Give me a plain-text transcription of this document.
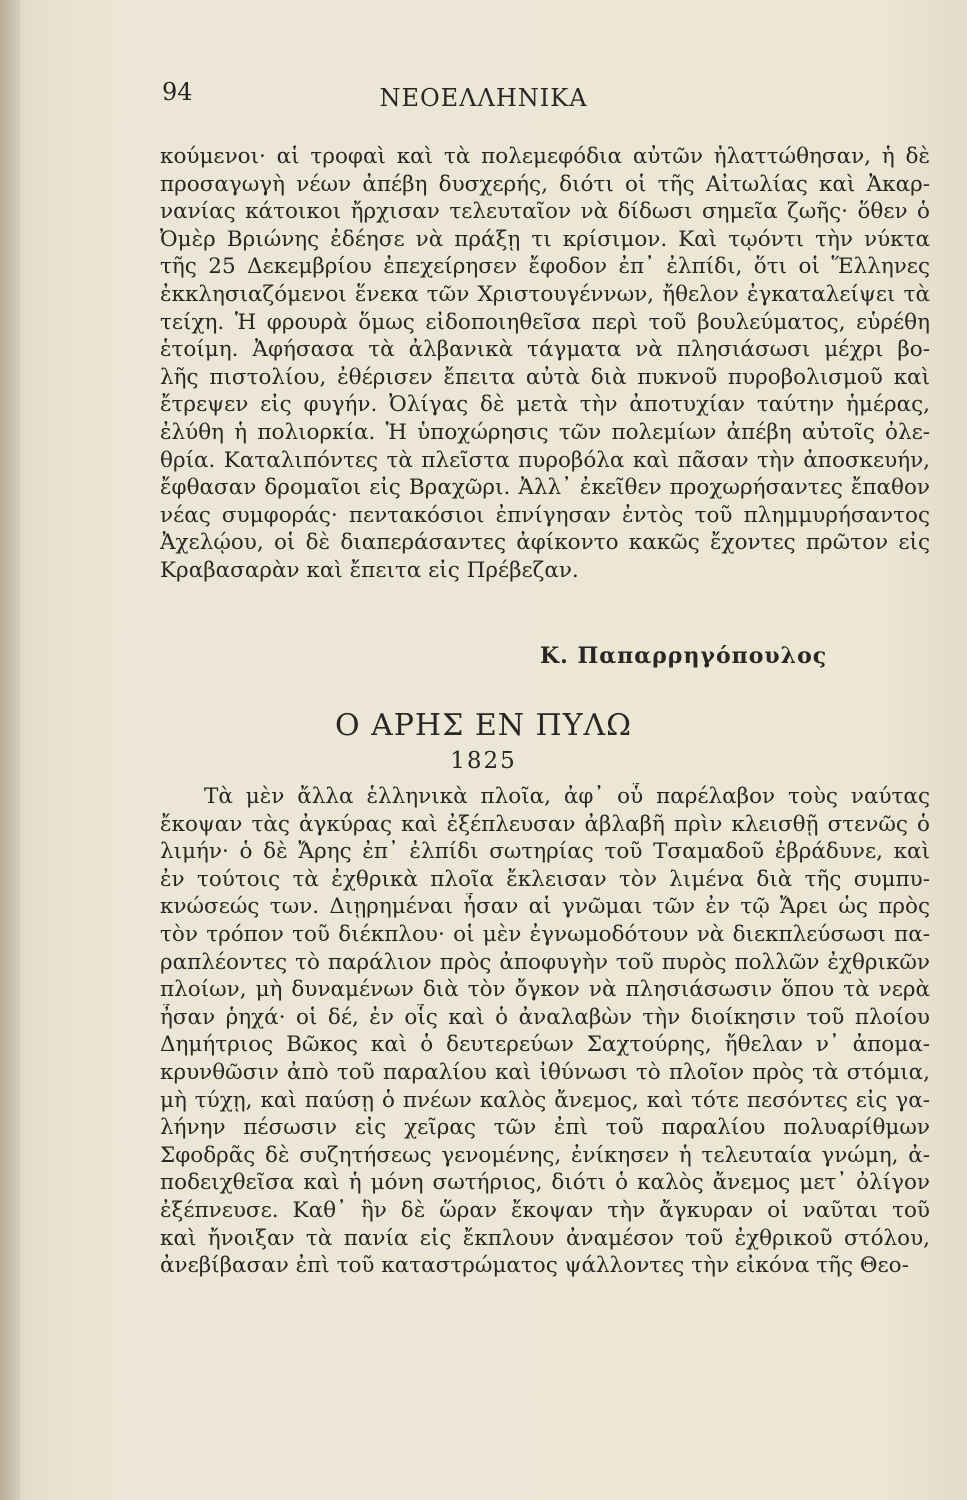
94	ΝΕΟΕΛΛΗΝΙΚΑ
κούμενοι· αἱ τροφαὶ καὶ τὰ πολεμεφόδια αὐτῶν ἠλαττώθησαν, ἡ δὲ
προσαγωγὴ νέων ἀπέβη δυσχερής, διότι οἱ τῆς Αἰτωλίας καὶ Ἀκαρ-
νανίας κάτοικοι ἤρχισαν τελευταῖον νὰ δίδωσι σημεῖα ζωῆς· ὅθεν ὁ
Ὀμὲρ Βριώνης ἐδέησε νὰ πράξῃ τι κρίσιμον. Καὶ τῳόντι τὴν νύκτα
τῆς 25 Δεκεμβρίου ἐπεχείρησεν ἔφοδον ἐπ᾽ ἐλπίδι, ὅτι οἱ Ἕλληνες
ἐκκλησιαζόμενοι ἕνεκα τῶν Χριστουγέννων, ἤθελον ἐγκαταλείψει τὰ
τείχη. Ἡ φρουρὰ ὅμως εἰδοποιηθεῖσα περὶ τοῦ βουλεύματος, εὑρέθη
ἑτοίμη. Ἀφήσασα τὰ ἀλβανικὰ τάγματα νὰ πλησιάσωσι μέχρι βο-
λῆς πιστολίου, ἐθέρισεν ἔπειτα αὐτὰ διὰ πυκνοῦ πυροβολισμοῦ καὶ
ἔτρεψεν εἰς φυγήν. Ὀλίγας δὲ μετὰ τὴν ἀποτυχίαν ταύτην ἡμέρας,
ἐλύθη ἡ πολιορκία. Ἡ ὑποχώρησις τῶν πολεμίων ἀπέβη αὐτοῖς ὀλε-
θρία. Καταλιπόντες τὰ πλεῖστα πυροβόλα καὶ πᾶσαν τὴν ἀποσκευήν,
ἔφθασαν δρομαῖοι εἰς Βραχῶρι. Ἀλλ᾽ ἐκεῖθεν προχωρήσαντες ἔπαθον
νέας συμφοράς· πεντακόσιοι ἐπνίγησαν ἐντὸς τοῦ πλημμυρήσαντος
Ἀχελῴου, οἱ δὲ διαπεράσαντες ἀφίκοντο κακῶς ἔχοντες πρῶτον εἰς
Κραβασαρὰν καὶ ἔπειτα εἰς Πρέβεζαν.
Κ. Παπαρρηγόπουλος
Ο ΑΡΗΣ ΕΝ ΠΥΛΩ
1825
Τὰ μὲν ἄλλα ἑλληνικὰ πλοῖα, ἀφ᾽ οὗ παρέλαβον τοὺς ναύτας
ἔκοψαν τὰς ἀγκύρας καὶ ἐξέπλευσαν ἀβλαβῆ πρὶν κλεισθῇ στενῶς ὁ
λιμήν· ὁ δὲ Ἄρης ἐπ᾽ ἐλπίδι σωτηρίας τοῦ Τσαμαδοῦ ἐβράδυνε, καὶ
ἐν τούτοις τὰ ἐχθρικὰ πλοῖα ἔκλεισαν τὸν λιμένα διὰ τῆς συμπυ-
κνώσεώς των. Διῃρημέναι ἦσαν αἱ γνῶμαι τῶν ἐν τῷ Ἄρει ὡς πρὸς
τὸν τρόπον τοῦ διέκπλου· οἱ μὲν ἐγνωμοδότουν νὰ διεκπλεύσωσι πα-
ραπλέοντες τὸ παράλιον πρὸς ἀποφυγὴν τοῦ πυρὸς πολλῶν ἐχθρικῶν
πλοίων, μὴ δυναμένων διὰ τὸν ὄγκον νὰ πλησιάσωσιν ὅπου τὰ νερὰ
ἦσαν ῥηχά· οἱ δέ, ἐν οἷς καὶ ὁ ἀναλαβὼν τὴν διοίκησιν τοῦ πλοίου
Δημήτριος Βῶκος καὶ ὁ δευτερεύων Σαχτούρης, ἤθελαν ν᾽ ἀπομα-
κρυνθῶσιν ἀπὸ τοῦ παραλίου καὶ ἰθύνωσι τὸ πλοῖον πρὸς τὰ στόμια,
μὴ τύχῃ, καὶ παύσῃ ὁ πνέων καλὸς ἄνεμος, καὶ τότε πεσόντες εἰς γα-
λήνην πέσωσιν εἰς χεῖρας τῶν ἐπὶ τοῦ παραλίου πολυαρίθμων
Σφοδρᾶς δὲ συζητήσεως γενομένης, ἐνίκησεν ἡ τελευταία γνώμη, ἀ-
ποδειχθεῖσα καὶ ἡ μόνη σωτήριος, διότι ὁ καλὸς ἄνεμος μετ᾽ ὀλίγον
ἐξέπνευσε. Καθ᾽ ἣν δὲ ὥραν ἔκοψαν τὴν ἄγκυραν οἱ ναῦται τοῦ
καὶ ἤνοιξαν τὰ πανία εἰς ἔκπλουν ἀναμέσον τοῦ ἐχθρικοῦ στόλου,
ἀνεβίβασαν ἐπὶ τοῦ καταστρώματος ψάλλοντες τὴν εἰκόνα τῆς Θεο-
